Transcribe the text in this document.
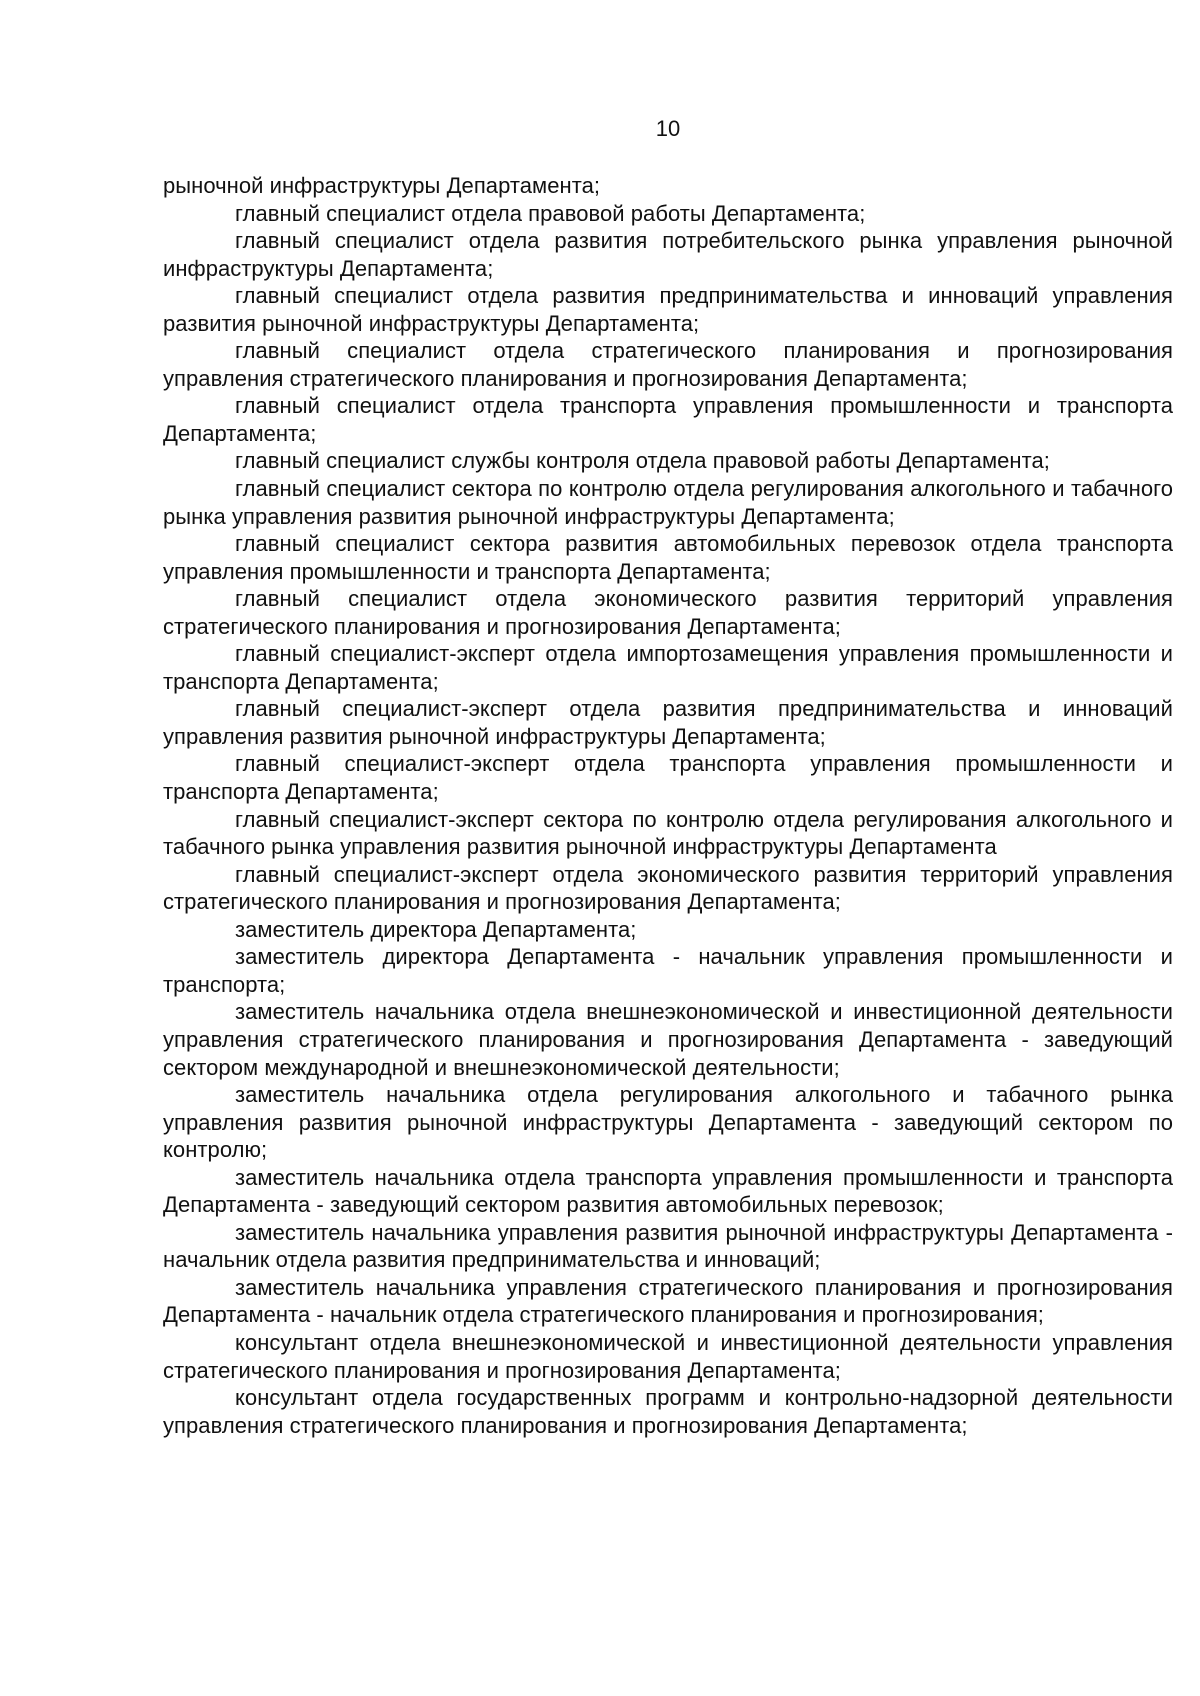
10

рыночной инфраструктуры Департамента;

главный специалист отдела правовой работы Департамента;

главный специалист отдела развития потребительского рынка управления рыночной инфраструктуры Департамента;

главный специалист отдела развития предпринимательства и инноваций управления развития рыночной инфраструктуры Департамента;

главный специалист отдела стратегического планирования и прогнозирования управления стратегического планирования и прогнозирования Департамента;

главный специалист отдела транспорта управления промышленности и транспорта Департамента;

главный специалист службы контроля отдела правовой работы Департамента;

главный специалист сектора по контролю отдела регулирования алкогольного и табачного рынка управления развития рыночной инфраструктуры Департамента;

главный специалист сектора развития автомобильных перевозок отдела транспорта управления промышленности и транспорта Департамента;

главный специалист отдела экономического развития территорий управления стратегического планирования и прогнозирования Департамента;

главный специалист-эксперт отдела импортозамещения управления промышленности и транспорта Департамента;

главный специалист-эксперт отдела развития предпринимательства и инноваций управления развития рыночной инфраструктуры Департамента;

главный специалист-эксперт отдела транспорта управления промышленности и транспорта Департамента;

главный специалист-эксперт сектора по контролю отдела регулирования алкогольного и табачного рынка управления развития рыночной инфраструктуры Департамента

главный специалист-эксперт отдела экономического развития территорий управления стратегического планирования и прогнозирования Департамента;

заместитель директора Департамента;

заместитель директора Департамента - начальник управления промышленности и транспорта;

заместитель начальника отдела внешнеэкономической и инвестиционной деятельности управления стратегического планирования и прогнозирования Департамента - заведующий сектором международной и внешнеэкономической деятельности;

заместитель начальника отдела регулирования алкогольного и табачного рынка управления развития рыночной инфраструктуры Департамента - заведующий сектором по контролю;

заместитель начальника отдела транспорта управления промышленности и транспорта Департамента - заведующий сектором развития автомобильных перевозок;

заместитель начальника управления развития рыночной инфраструктуры Департамента - начальник отдела развития предпринимательства и инноваций;

заместитель начальника управления стратегического планирования и прогнозирования Департамента - начальник отдела стратегического планирования и прогнозирования;

консультант отдела внешнеэкономической и инвестиционной деятельности управления стратегического планирования и прогнозирования Департамента;

консультант отдела государственных программ и контрольно-надзорной деятельности управления стратегического планирования и прогнозирования Департамента;
